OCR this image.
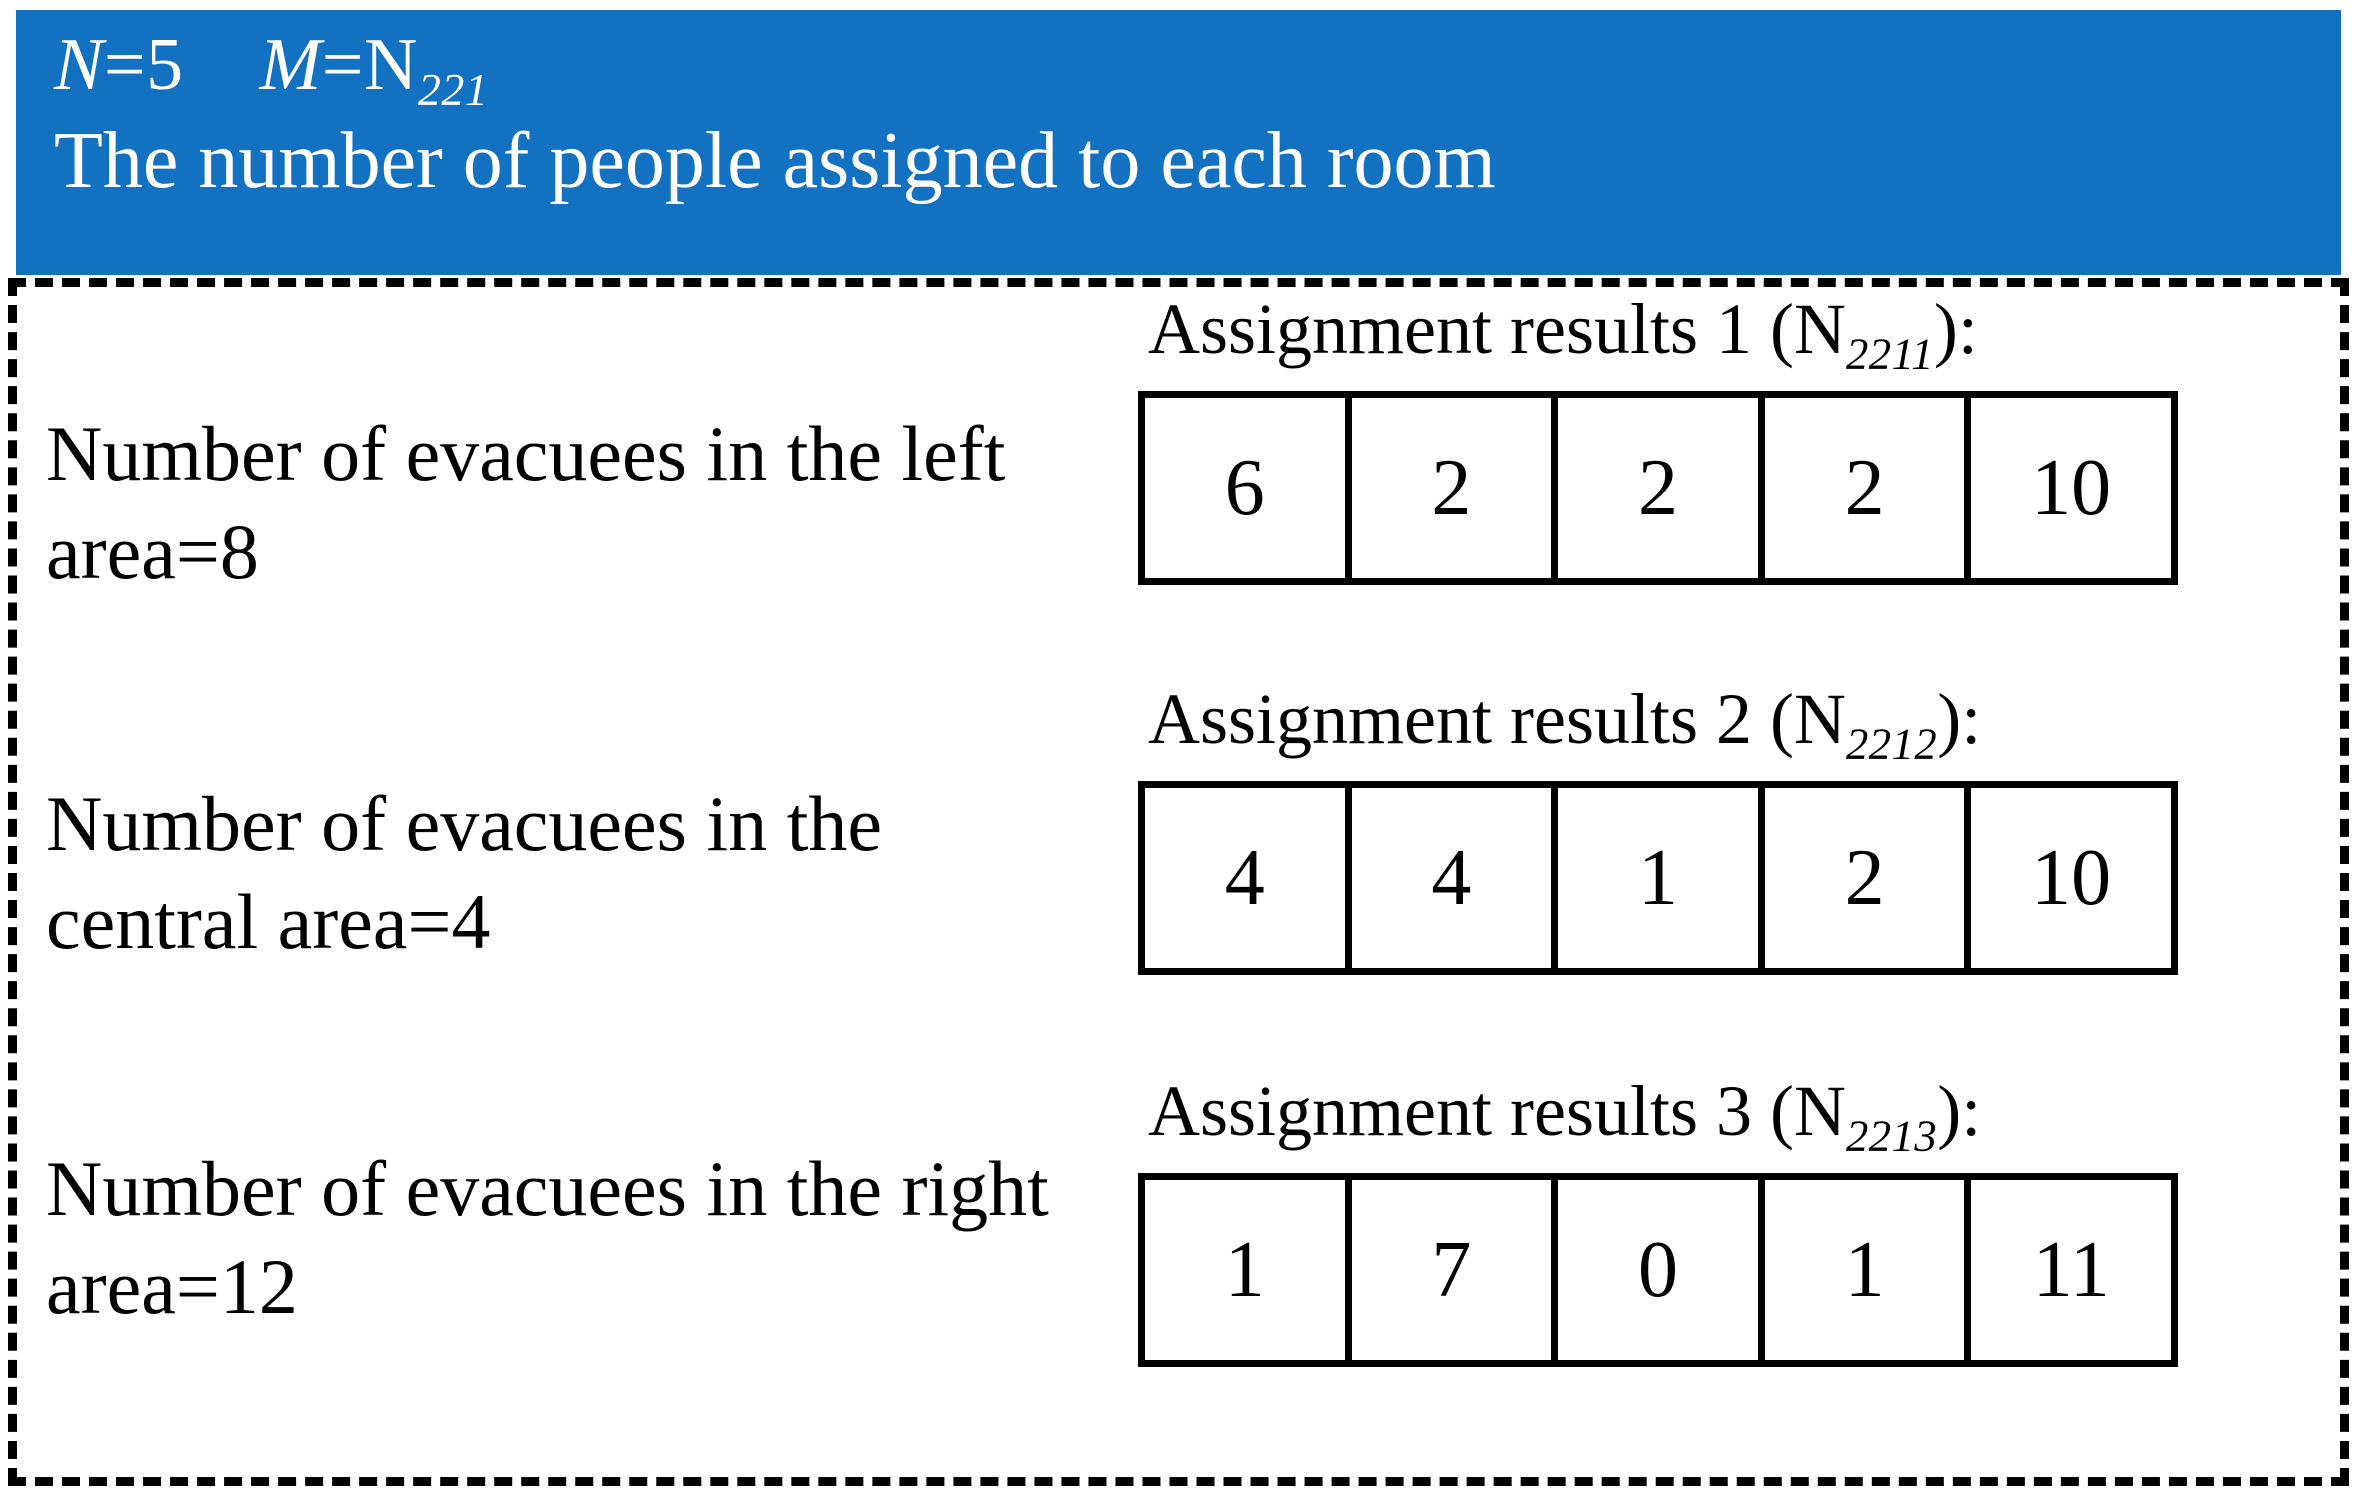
N=5 $M=N_{221}$
The number of people assigned to each room
Number of evacuees in the left area=8
Number of evacuees in the central area=4
Number of evacuees in the right area=12
Assignment results 1 $(N_{2211})$:
6	2	2	2	10
Assignment results 2 $(N_{2212})$:
4	4	1	2	10
Assignment results 3 $(N_{2213})$:
1	7	0	1	11
